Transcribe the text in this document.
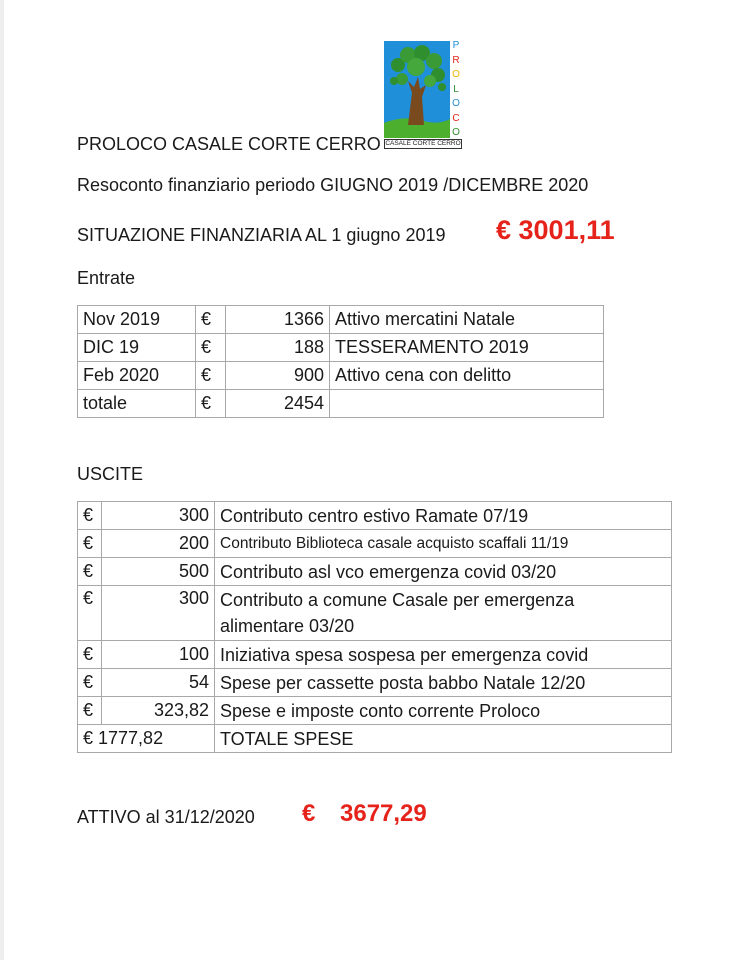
P
R
O
L
O
C
O
CASALE CORTE CERRO
PROLOCO CASALE CORTE CERRO
Resoconto finanziario periodo GIUGNO 2019 /DICEMBRE 2020
SITUAZIONE FINANZIARIA AL 1 giugno 2019 € 3001,11
Entrate
Nov 2019	€	1366	Attivo mercatini Natale
DIC 19	€	188	TESSERAMENTO 2019
Feb 2020	€	900	Attivo cena con delitto
totale	€	2454	
USCITE
€	300	Contributo centro estivo Ramate 07/19
€	200	Contributo Biblioteca casale acquisto scaffali 11/19
€	500	Contributo asl vco emergenza covid 03/20
€	300	Contributo a comune Casale per emergenza
alimentare 03/20

€	100	Iniziativa spesa sospesa per emergenza covid
€	54	Spese per cassette posta babbo Natale 12/20
€	323,82	Spese e imposte conto corrente Proloco
€ 1777,82		TOTALE SPESE
ATTIVO al 31/12/2020 € 3677,29
